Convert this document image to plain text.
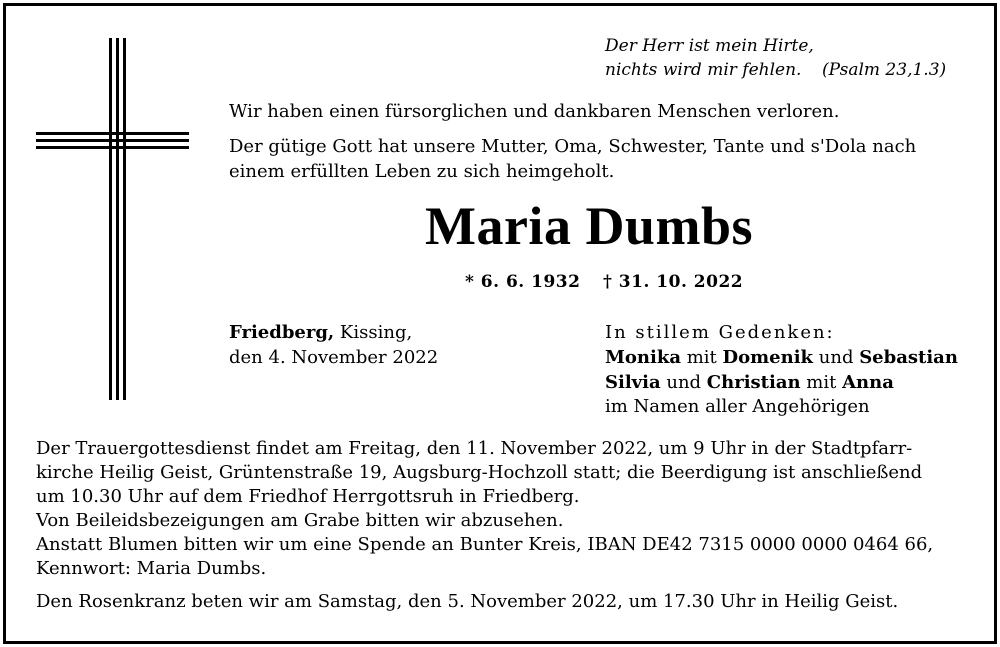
Der Herr ist mein Hirte,
nichts wird mir fehlen. (Psalm 23,1.3)
Wir haben einen fürsorglichen und dankbaren Menschen verloren.
Der gütige Gott hat unsere Mutter, Oma, Schwester, Tante und s'Dola nach
einem erfüllten Leben zu sich heimgeholt.
Maria Dumbs
* 6. 6. 1932 † 31. 10. 2022
Friedberg, Kissing,
den 4. November 2022
In stillem Gedenken:
Monika mit Domenik und Sebastian
Silvia und Christian mit Anna
im Namen aller Angehörigen
Der Trauergottesdienst findet am Freitag, den 11. November 2022, um 9 Uhr in der Stadtpfarr-
kirche Heilig Geist, Grüntenstraße 19, Augsburg-Hochzoll statt; die Beerdigung ist anschließend
um 10.30 Uhr auf dem Friedhof Herrgottsruh in Friedberg.
Von Beileidsbezeigungen am Grabe bitten wir abzusehen.
Anstatt Blumen bitten wir um eine Spende an Bunter Kreis, IBAN DE42 7315 0000 0000 0464 66,
Kennwort: Maria Dumbs.
Den Rosenkranz beten wir am Samstag, den 5. November 2022, um 17.30 Uhr in Heilig Geist.
